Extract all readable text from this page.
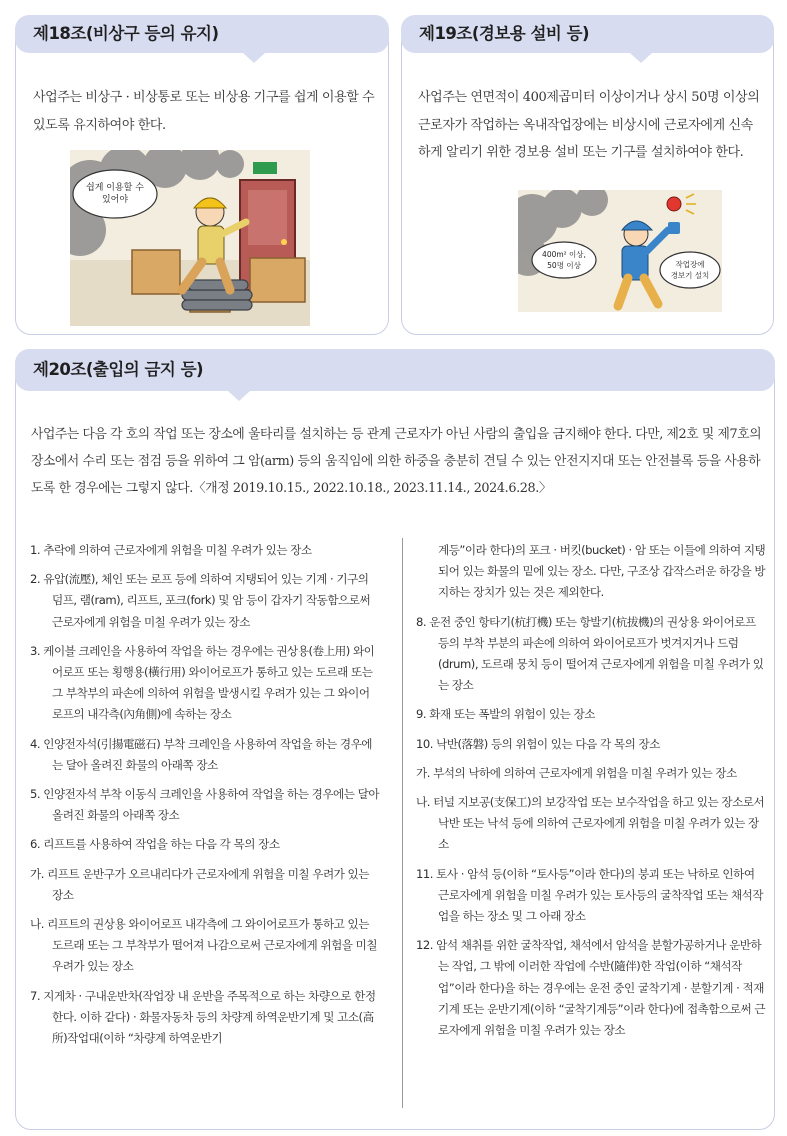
제18조(비상구 등의 유지)
사업주는 비상구 · 비상통로 또는 비상용 기구를 쉽게 이용할 수 있도록 유지하여야 한다.
쉽게 이용할 수
있어야
제19조(경보용 설비 등)
사업주는 연면적이 400제곱미터 이상이거나 상시 50명 이상의 근로자가 작업하는 옥내작업장에는 비상시에 근로자에게 신속하게 알리기 위한 경보용 설비 또는 기구를 설치하여야 한다.
400m² 이상,
50명 이상	작업장에
경보기 설치
제20조(출입의 금지 등)
사업주는 다음 각 호의 작업 또는 장소에 울타리를 설치하는 등 관계 근로자가 아닌 사람의 출입을 금지해야 한다. 다만, 제2호 및 제7호의 장소에서 수리 또는 점검 등을 위하여 그 암(arm) 등의 움직임에 의한 하중을 충분히 견딜 수 있는 안전지지대 또는 안전블록 등을 사용하도록 한 경우에는 그렇지 않다.〈개정 2019.10.15., 2022.10.18., 2023.11.14., 2024.6.28.〉
1. 추락에 의하여 근로자에게 위험을 미칠 우려가 있는 장소
2. 유압(流壓), 체인 또는 로프 등에 의하여 지탱되어 있는 기계 · 기구의 덤프, 램(ram), 리프트, 포크(fork) 및 암 등이 갑자기 작동함으로써 근로자에게 위험을 미칠 우려가 있는 장소
3. 케이블 크레인을 사용하여 작업을 하는 경우에는 권상용(卷上用) 와이어로프 또는 횡행용(橫行用) 와이어로프가 통하고 있는 도르래 또는 그 부착부의 파손에 의하여 위험을 발생시킬 우려가 있는 그 와이어로프의 내각측(內角側)에 속하는 장소
4. 인양전자석(引揚電磁石) 부착 크레인을 사용하여 작업을 하는 경우에는 달아 올려진 화물의 아래쪽 장소
5. 인양전자석 부착 이동식 크레인을 사용하여 작업을 하는 경우에는 달아 올려진 화물의 아래쪽 장소
6. 리프트를 사용하여 작업을 하는 다음 각 목의 장소
가. 리프트 운반구가 오르내리다가 근로자에게 위험을 미칠 우려가 있는 장소
나. 리프트의 권상용 와이어로프 내각측에 그 와이어로프가 통하고 있는 도르래 또는 그 부착부가 떨어져 나감으로써 근로자에게 위험을 미칠 우려가 있는 장소
7. 지게차 · 구내운반차(작업장 내 운반을 주목적으로 하는 차량으로 한정한다. 이하 같다) · 화물자동차 등의 차량계 하역운반기계 및 고소(高所)작업대(이하 “차량계 하역운반기
계등”이라 한다)의 포크 · 버킷(bucket) · 암 또는 이들에 의하여 지탱되어 있는 화물의 밑에 있는 장소. 다만, 구조상 갑작스러운 하강을 방지하는 장치가 있는 것은 제외한다.
8. 운전 중인 항타기(杭打機) 또는 항발기(杭拔機)의 권상용 와이어로프 등의 부착 부분의 파손에 의하여 와이어로프가 벗겨지거나 드럼(drum), 도르래 뭉치 등이 떨어져 근로자에게 위험을 미칠 우려가 있는 장소
9. 화재 또는 폭발의 위험이 있는 장소
10. 낙반(落磐) 등의 위험이 있는 다음 각 목의 장소
가. 부석의 낙하에 의하여 근로자에게 위험을 미칠 우려가 있는 장소
나. 터널 지보공(支保工)의 보강작업 또는 보수작업을 하고 있는 장소로서 낙반 또는 낙석 등에 의하여 근로자에게 위험을 미칠 우려가 있는 장소
11. 토사 · 암석 등(이하 “토사등”이라 한다)의 붕괴 또는 낙하로 인하여 근로자에게 위험을 미칠 우려가 있는 토사등의 굴착작업 또는 채석작업을 하는 장소 및 그 아래 장소
12. 암석 채취를 위한 굴착작업, 채석에서 암석을 분할가공하거나 운반하는 작업, 그 밖에 이러한 작업에 수반(隨伴)한 작업(이하 “채석작업”이라 한다)을 하는 경우에는 운전 중인 굴착기계 · 분할기계 · 적재기계 또는 운반기계(이하 “굴착기계등”이라 한다)에 접촉함으로써 근로자에게 위험을 미칠 우려가 있는 장소
